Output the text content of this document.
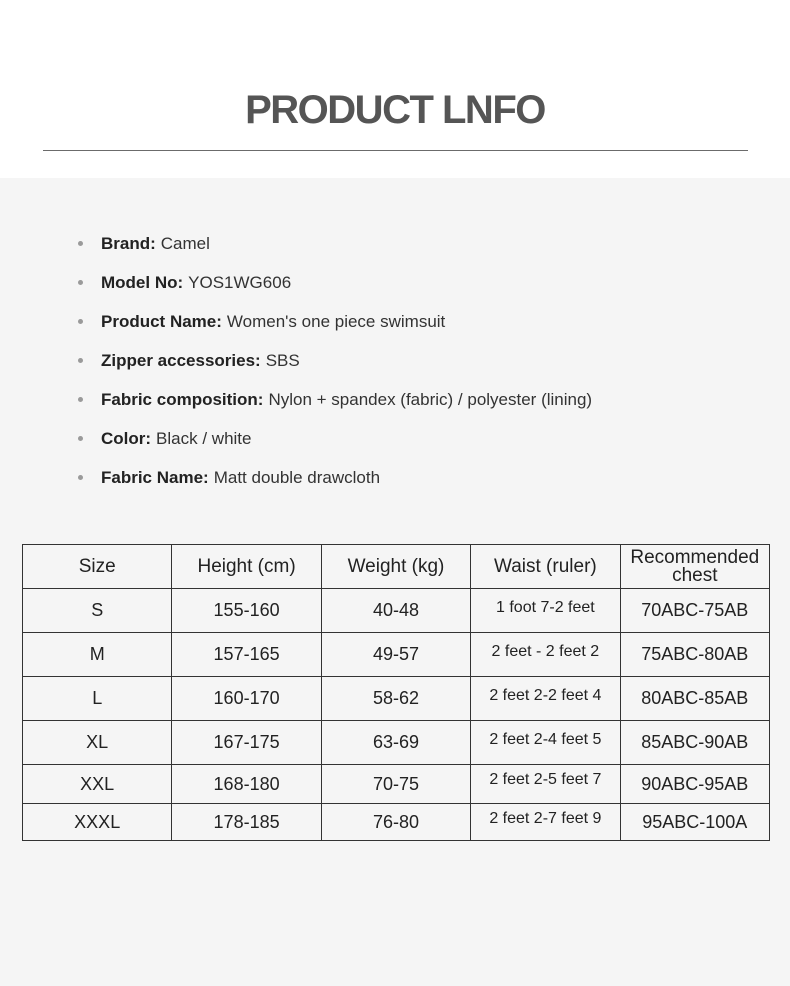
PRODUCT LNFO
Brand: Camel
Model No: YOS1WG606
Product Name: Women's one piece swimsuit
Zipper accessories: SBS
Fabric composition: Nylon + spandex (fabric) / polyester (lining)
Color: Black / white
Fabric Name: Matt double drawcloth
Size	Height (cm)	Weight (kg)	Waist (ruler)	Recommended chest
S	155-160	40-48	1 foot 7-2 feet	70ABC-75AB
M	157-165	49-57	2 feet - 2 feet 2	75ABC-80AB
L	160-170	58-62	2 feet 2-2 feet 4	80ABC-85AB
XL	167-175	63-69	2 feet 2-4 feet 5	85ABC-90AB
XXL	168-180	70-75	2 feet 2-5 feet 7	90ABC-95AB
XXXL	178-185	76-80	2 feet 2-7 feet 9	95ABC-100A
